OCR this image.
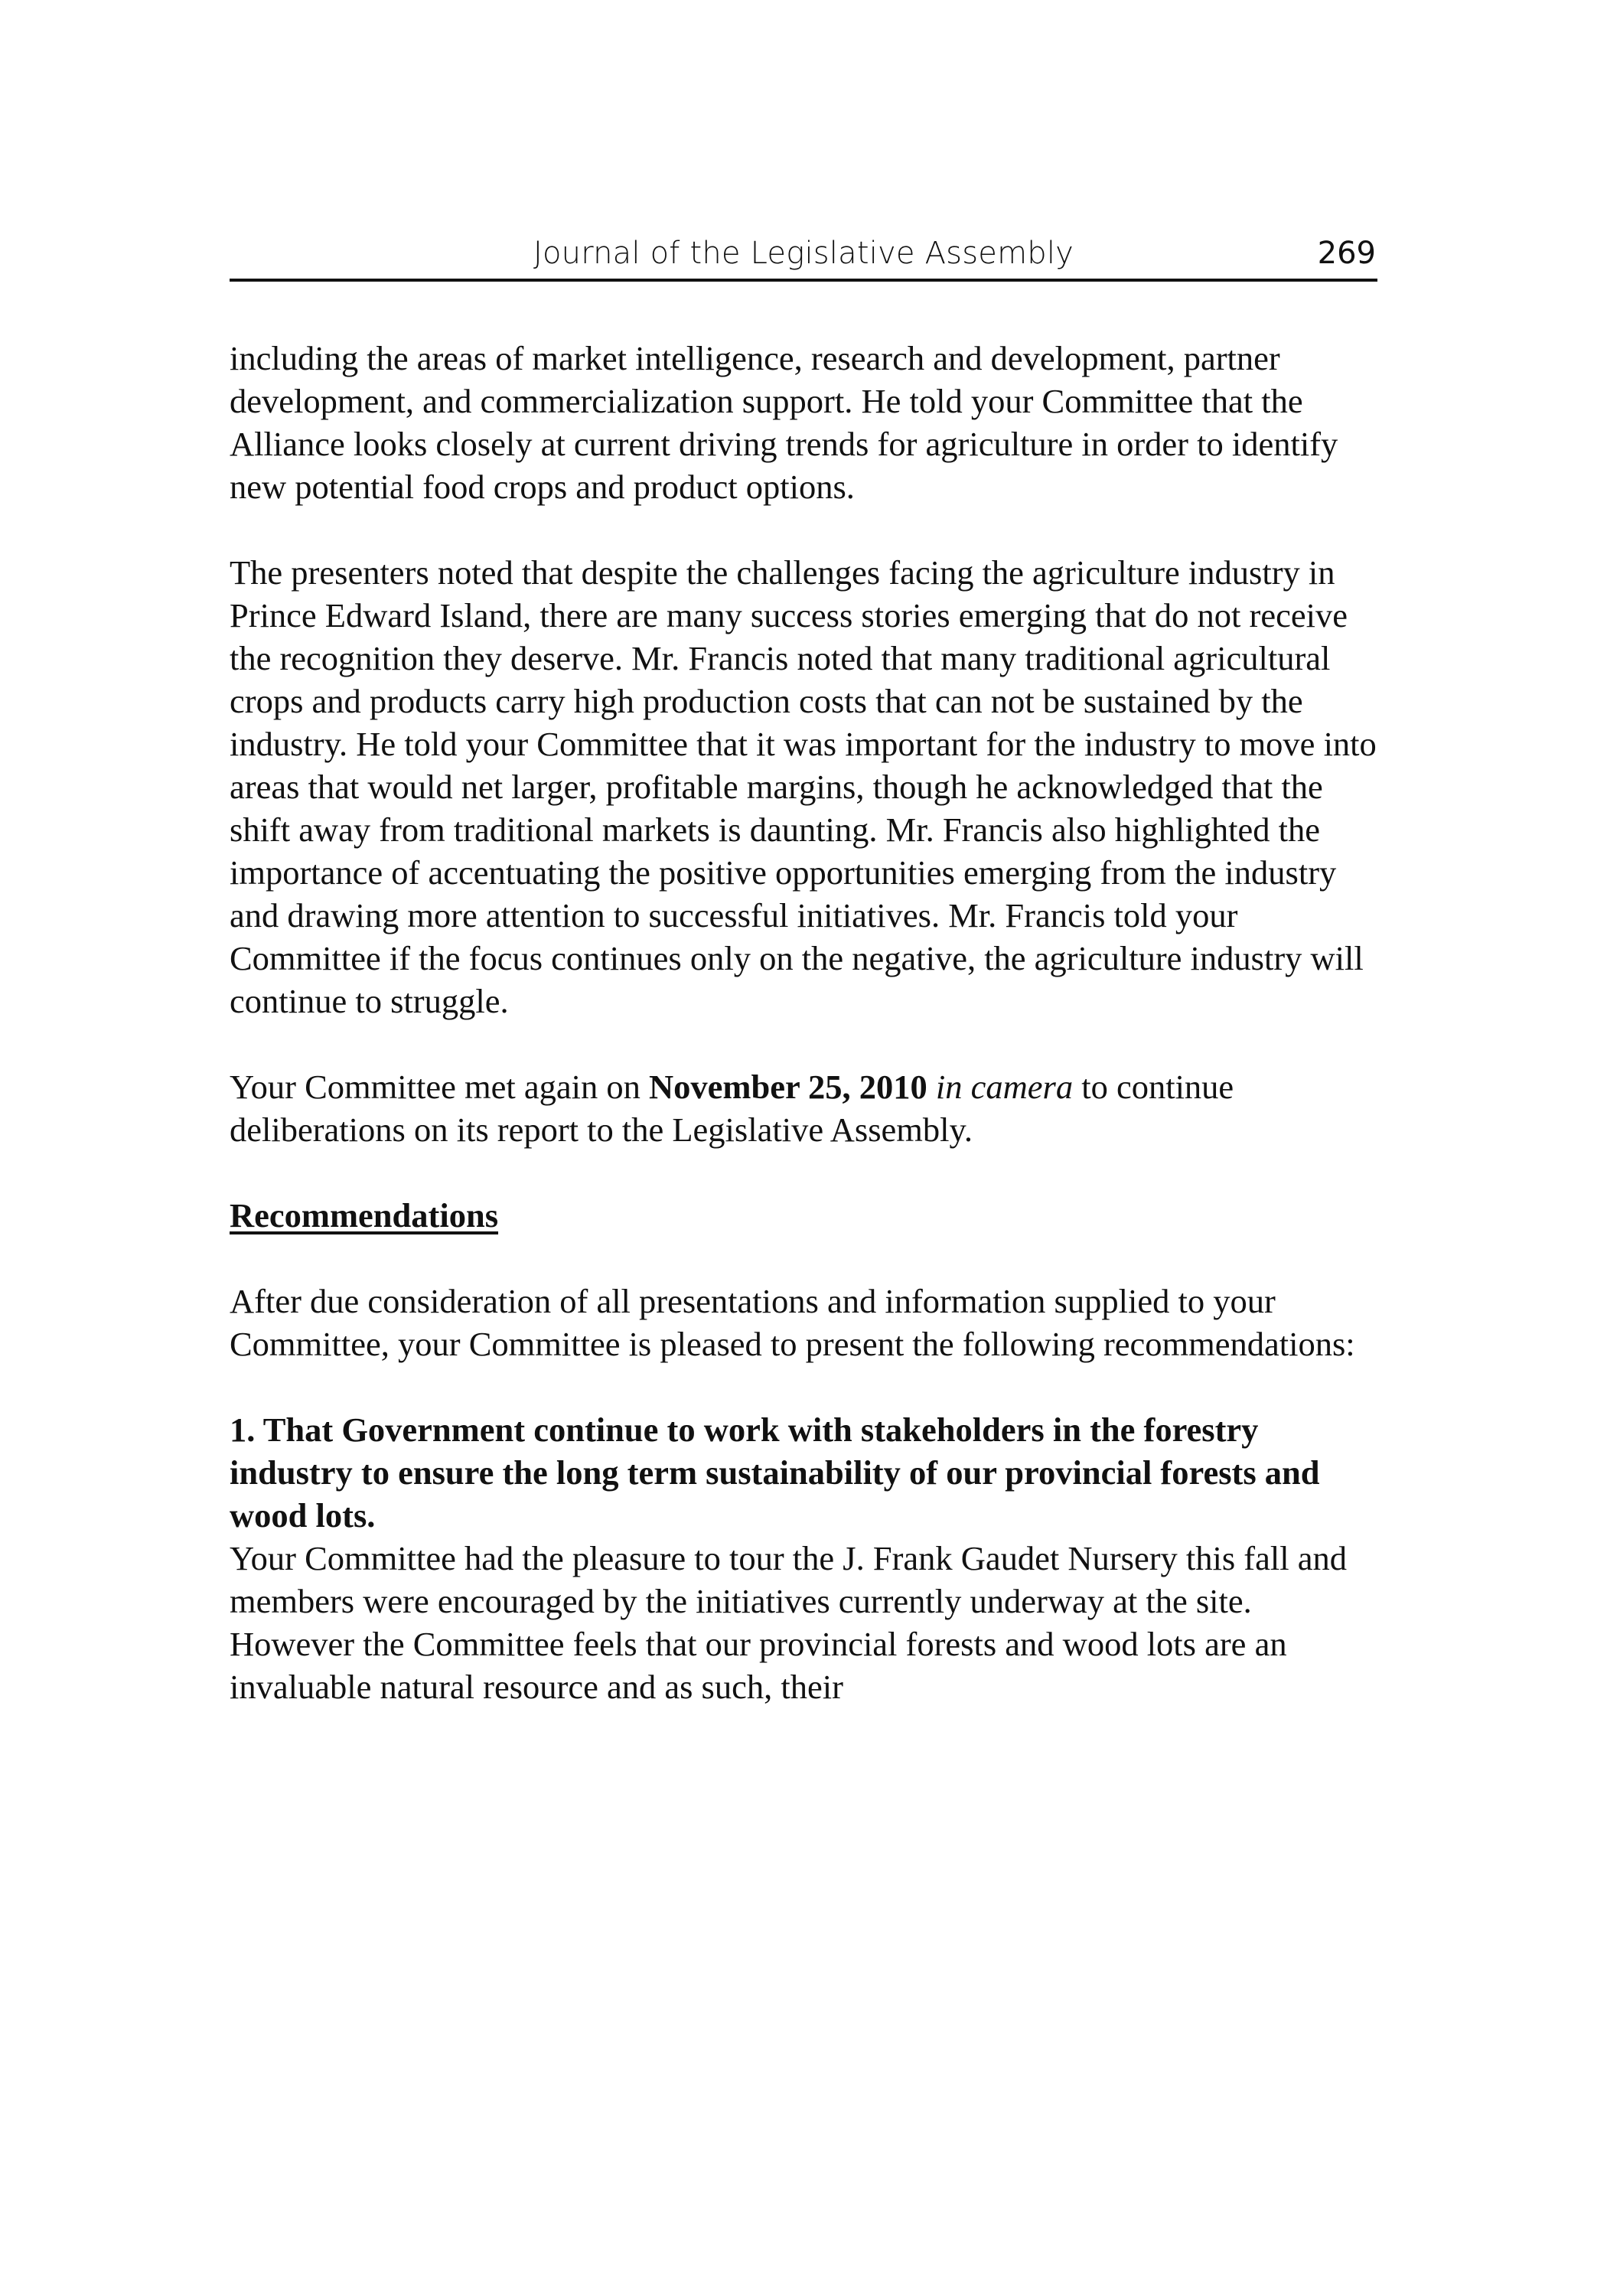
Journal of the Legislative Assembly	269

including the areas of market intelligence, research and development, partner development, and commercialization support. He told your Committee that the Alliance looks closely at current driving trends for agriculture in order to identify new potential food crops and product options.

The presenters noted that despite the challenges facing the agriculture industry in Prince Edward Island, there are many success stories emerging that do not receive the recognition they deserve. Mr. Francis noted that many traditional agricultural crops and products carry high production costs that can not be sustained by the industry. He told your Committee that it was important for the industry to move into areas that would net larger, profitable margins, though he acknowledged that the shift away from traditional markets is daunting. Mr. Francis also highlighted the importance of accentuating the positive opportunities emerging from the industry and drawing more attention to successful initiatives. Mr. Francis told your Committee if the focus continues only on the negative, the agriculture industry will continue to struggle.

Your Committee met again on November 25, 2010 in camera to continue deliberations on its report to the Legislative Assembly.

Recommendations

After due consideration of all presentations and information supplied to your Committee, your Committee is pleased to present the following recommendations:

1. That Government continue to work with stakeholders in the forestry industry to ensure the long term sustainability of our provincial forests and wood lots.

Your Committee had the pleasure to tour the J. Frank Gaudet Nursery this fall and members were encouraged by the initiatives currently underway at the site. However the Committee feels that our provincial forests and wood lots are an invaluable natural resource and as such, their
